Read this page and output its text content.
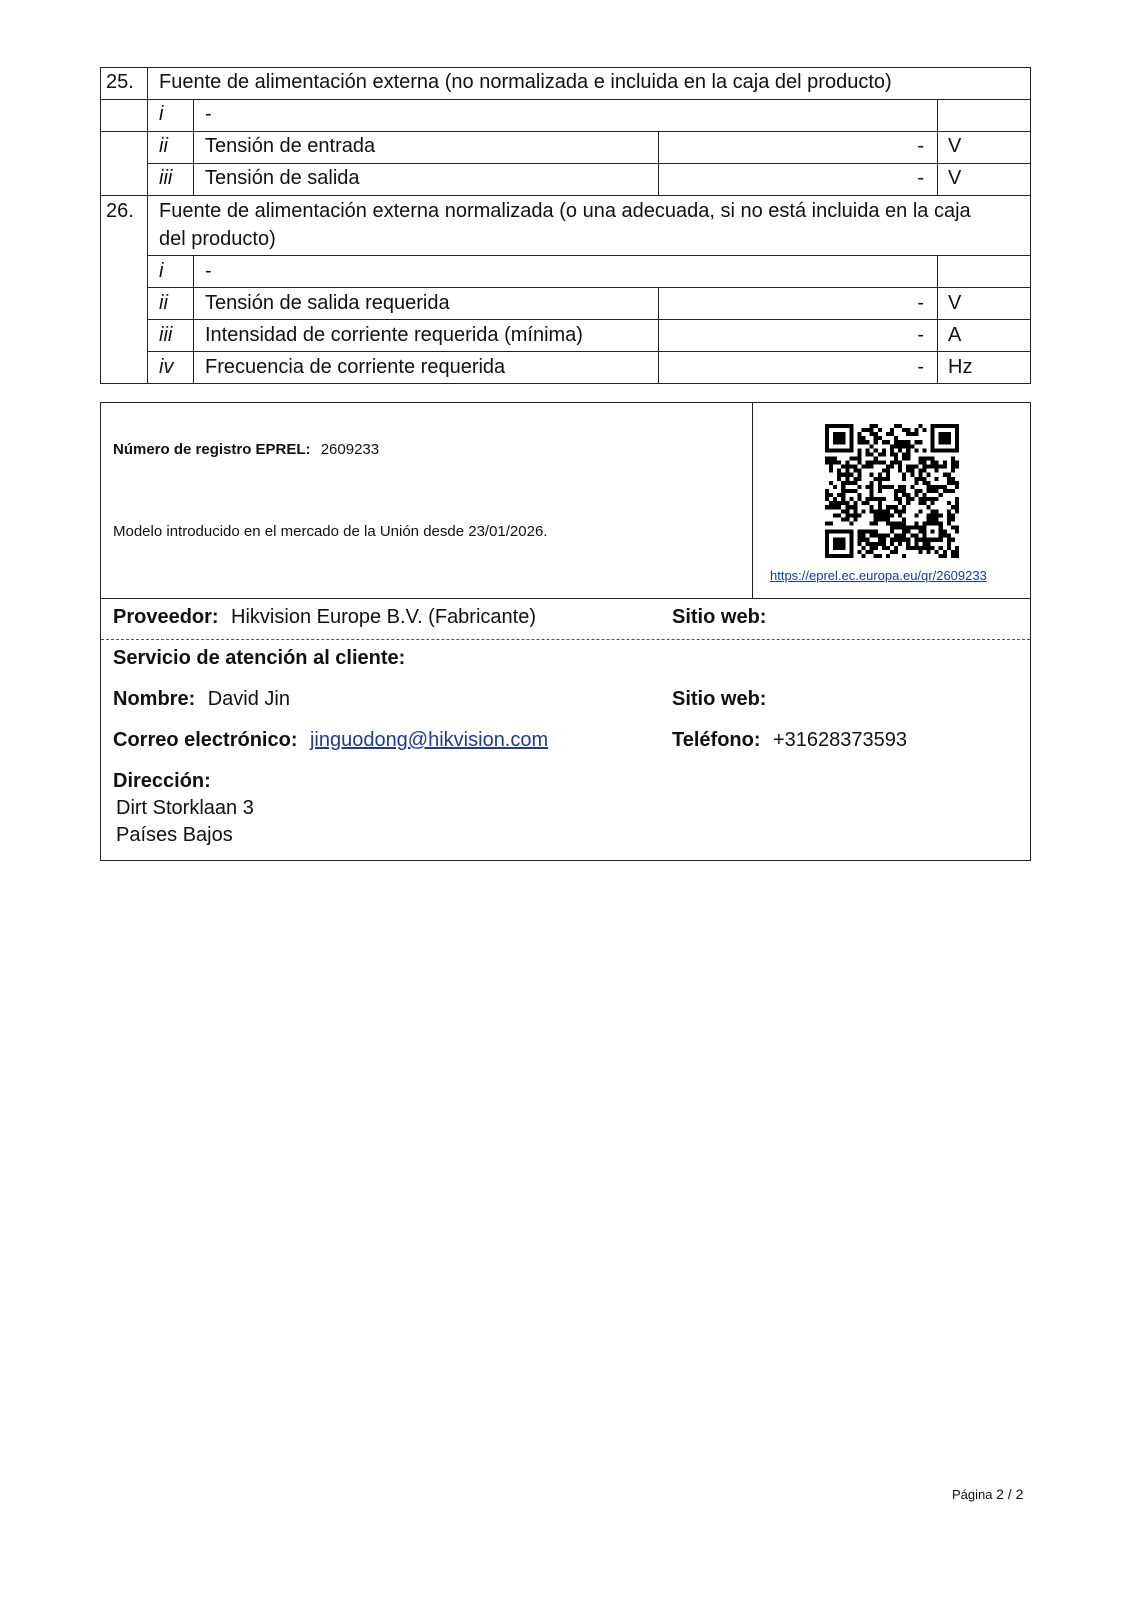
25. Fuente de alimentación externa (no normalizada e incluida en la caja del producto)
i -
ii Tensión de entrada	- V
iii Tensión de salida	- V
26. Fuente de alimentación externa normalizada (o una adecuada, si no está incluida en la caja
del producto)
i -
ii Tensión de salida requerida	- V
iii Intensidad de corriente requerida (mínima)	- A
iv Frecuencia de corriente requerida	- Hz
Número de registro EPREL: 2609233
Modelo introducido en el mercado de la Unión desde 23/01/2026.
https://eprel.ec.europa.eu/qr/2609233
Proveedor: Hikvision Europe B.V. (Fabricante)	Sitio web:
Servicio de atención al cliente:
Nombre: David Jin	Sitio web:
Correo electrónico: jinguodong@hikvision.com	Teléfono: +31628373593
Dirección:
Dirt Storklaan 3
Países Bajos
Página 2 / 2
